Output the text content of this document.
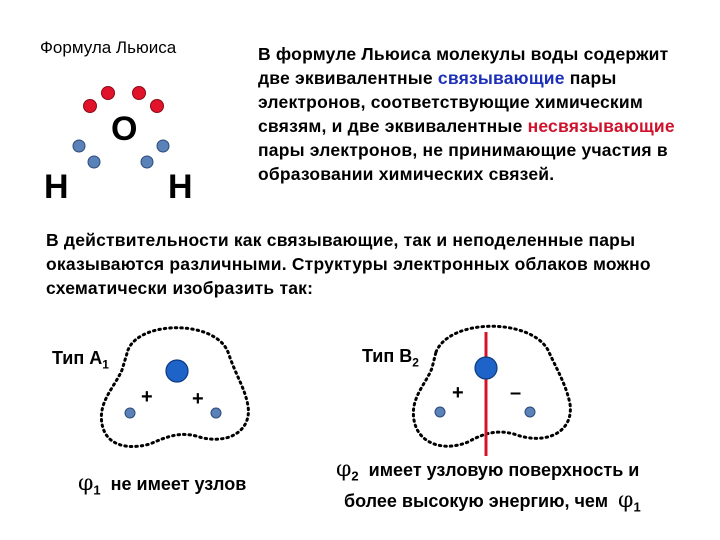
Формула Льюиса
О
Н	Н
В формуле Льюиса молекулы воды содержит две эквивалентные связывающие пары электронов, соответствующие химическим связям, и две эквивалентные несвязывающие пары электронов, не принимающие участия в образовании химических связей.
В действительности как связывающие, так и неподеленные пары оказываются различными. Структуры электронных облаков можно схематически изобразить так:
Тип $А_1$
+ +
$\varphi_1$ не имеет узлов
Тип $В_2$
+ –
$\varphi_2$ имеет узловую поверхность и
более высокую энергию, чем $\varphi_1$
